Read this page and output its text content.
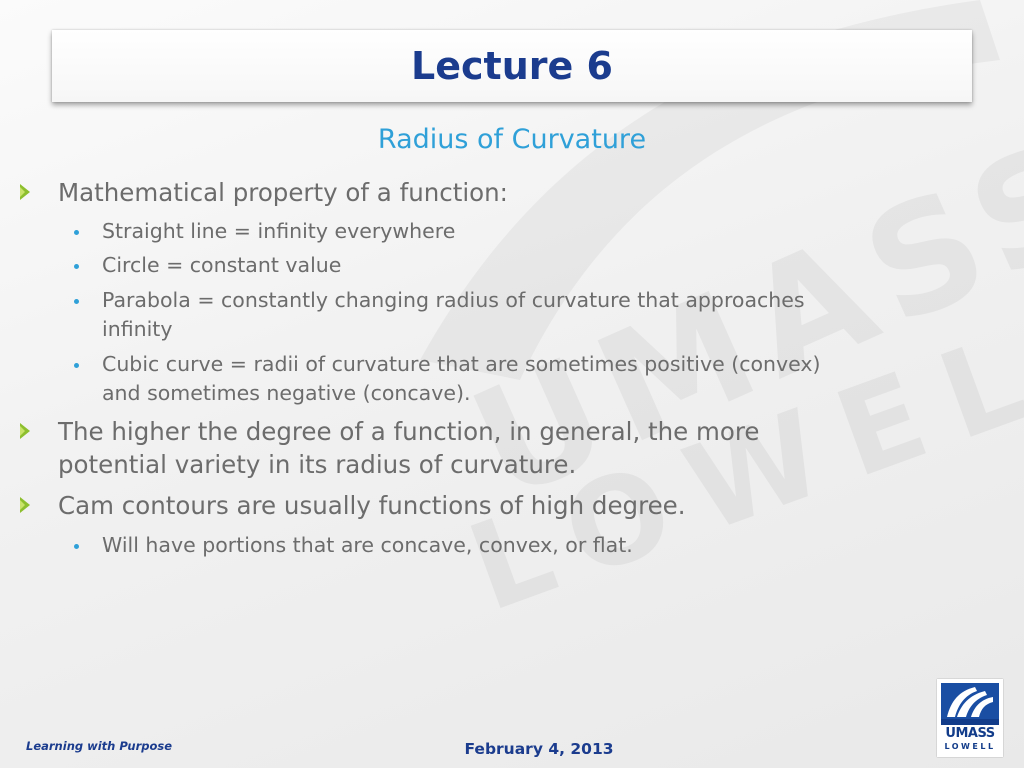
Lecture 6
Radius of Curvature
Mathematical property of a function:
Straight line = infinity everywhere
Circle = constant value
Parabola = constantly changing radius of curvature that approaches
infinity
Cubic curve = radii of curvature that are sometimes positive (convex)
and sometimes negative (concave).
The higher the degree of a function, in general, the more
potential variety in its radius of curvature.
Cam contours are usually functions of high degree.
Will have portions that are concave, convex, or flat.
Learning with Purpose	February 4, 2013
UMASS
LOWELL
